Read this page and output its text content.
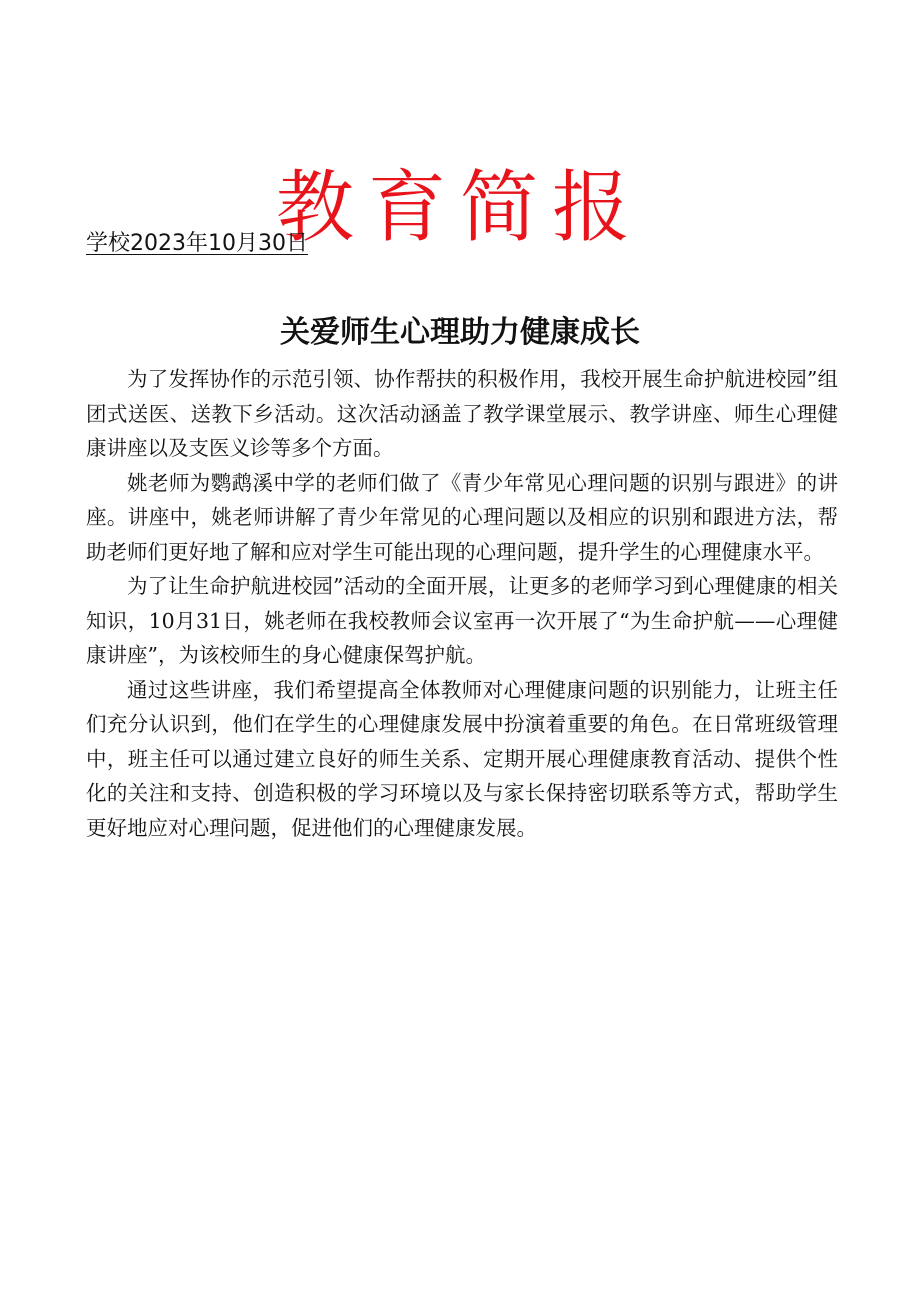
教育简报
学校2023年10月30日
关爱师生心理助力健康成长

为了发挥协作的示范引领、协作帮扶的积极作用，我校开展生命护航进校园”组团式送医、送教下乡活动。这次活动涵盖了教学课堂展示、教学讲座、师生心理健康讲座以及支医义诊等多个方面。

姚老师为鹦鹉溪中学的老师们做了《青少年常见心理问题的识别与跟进》的讲座。讲座中，姚老师讲解了青少年常见的心理问题以及相应的识别和跟进方法，帮助老师们更好地了解和应对学生可能出现的心理问题，提升学生的心理健康水平。

为了让生命护航进校园”活动的全面开展，让更多的老师学习到心理健康的相关知识，10月31日，姚老师在我校教师会议室再一次开展了“为生命护航——心理健康讲座”，为该校师生的身心健康保驾护航。

通过这些讲座，我们希望提高全体教师对心理健康问题的识别能力，让班主任们充分认识到，他们在学生的心理健康发展中扮演着重要的角色。在日常班级管理中，班主任可以通过建立良好的师生关系、定期开展心理健康教育活动、提供个性化的关注和支持、创造积极的学习环境以及与家长保持密切联系等方式，帮助学生更好地应对心理问题，促进他们的心理健康发展。
